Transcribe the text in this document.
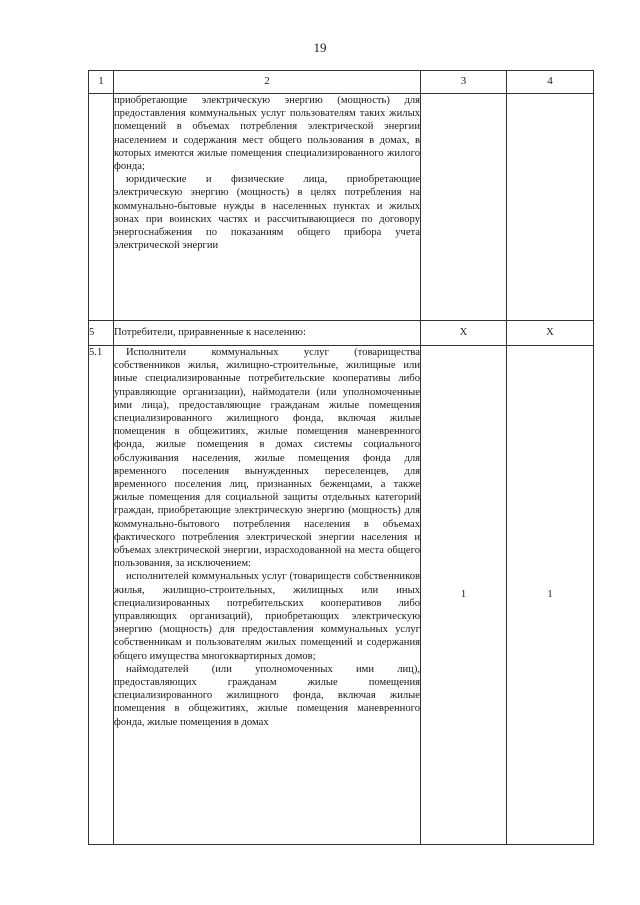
19
1	2	3	4

	приобретающие электрическую энергию (мощность) для предоставления коммунальных услуг пользователям таких жилых помещений в объемах потребления электрической энергии населением и содержания мест общего пользования в домах, в которых имеются жилые помещения специализированного жилого фонда;

юридические и физические лица, приобретающие электрическую энергию (мощность) в целях потребления на коммунально-бытовые нужды в населенных пунктах и жилых зонах при воинских частях и рассчитывающиеся по договору энергоснабжения по показаниям общего прибора учета электрической энергии		

5	Потребители, приравненные к населению:	X	X
5.1	Исполнители коммунальных услуг (товарищества собственников жилья, жилищно-строительные, жилищные или иные специализированные потребительские кооперативы либо управляющие организации), наймодатели (или уполномоченные ими лица), предоставляющие гражданам жилые помещения специализированного жилищного фонда, включая жилые помещения в общежитиях, жилые помещения маневренного фонда, жилые помещения в домах системы социального обслуживания населения, жилые помещения фонда для временного поселения вынужденных переселенцев, для временного поселения лиц, признанных беженцами, а также жилые помещения для социальной защиты отдельных категорий граждан, приобретающие электрическую энергию (мощность) для коммунально-бытового потребления населения в объемах фактического потребления электрической энергии населения и объемах электрической энергии, израсходованной на места общего пользования, за исключением:

исполнителей коммунальных услуг (товариществ собственников жилья, жилищно-строительных, жилищных или иных специализированных потребительских кооперативов либо управляющих организаций), приобретающих электрическую энергию (мощность) для предоставления коммунальных услуг собственникам и пользователям жилых помещений и содержания общего имущества многоквартирных домов;

наймодателей (или уполномоченных ими лиц), предоставляющих гражданам жилые помещения специализированного жилищного фонда, включая жилые помещения в общежитиях, жилые помещения маневренного фонда, жилые помещения в домах	1	1
